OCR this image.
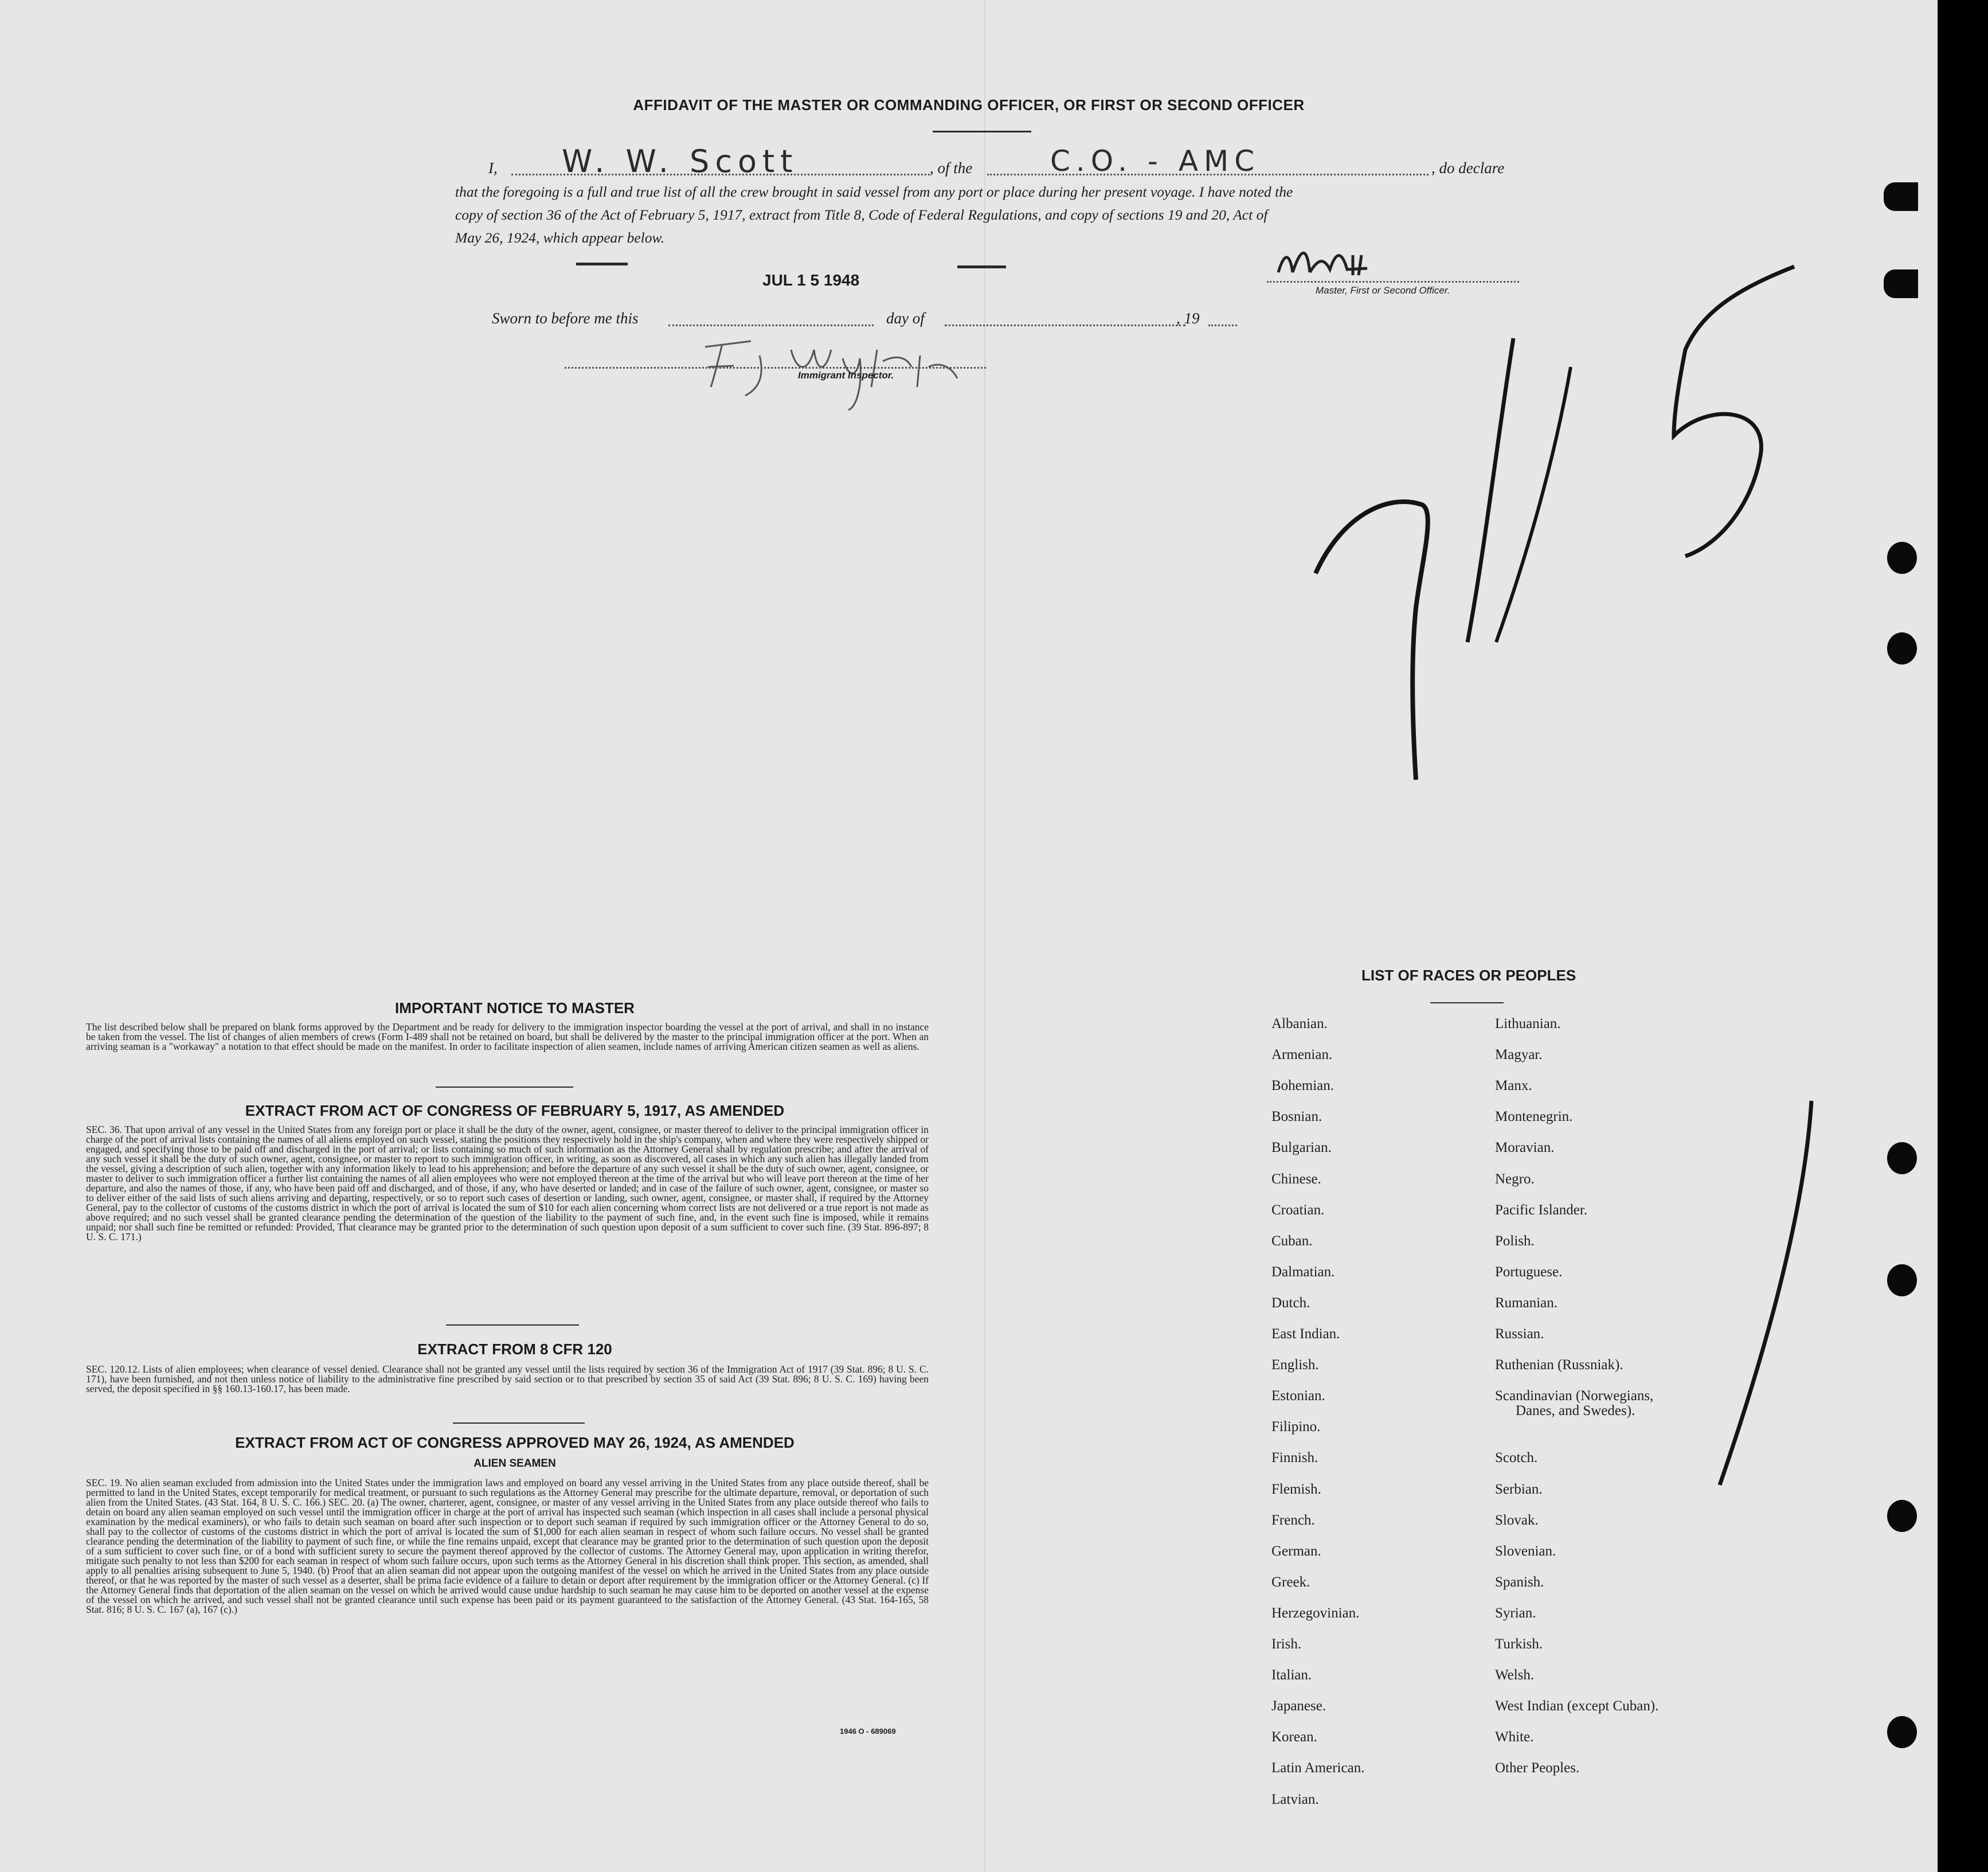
AFFIDAVIT OF THE MASTER OR COMMANDING OFFICER, OR FIRST OR SECOND OFFICER
I, W. W. Scott	, of the	C.O. - AMC	, do declare
that the foregoing is a full and true list of all the crew brought in said vessel from any port or place during her present voyage. I have noted the
copy of section 36 of the Act of February 5, 1917, extract from Title 8, Code of Federal Regulations, and copy of sections 19 and 20, Act of
May 26, 1924, which appear below.
JUL 1 5 1948
Master, First or Second Officer.
Sworn to before me this	day of	, 19
Immigrant Inspector.
IMPORTANT NOTICE TO MASTER

The list described below shall be prepared on blank forms approved by the Department and be ready for delivery to the immigration inspector boarding the vessel at the port of arrival, and shall in no instance be taken from the vessel. The list of changes of alien members of crews (Form I-489 shall not be retained on board, but shall be delivered by the master to the principal immigration officer at the port. When an arriving seaman is a "workaway" a notation to that effect should be made on the manifest. In order to facilitate inspection of alien seamen, include names of arriving American citizen seamen as well as aliens.

EXTRACT FROM ACT OF CONGRESS OF FEBRUARY 5, 1917, AS AMENDED

SEC. 36. That upon arrival of any vessel in the United States from any foreign port or place it shall be the duty of the owner, agent, consignee, or master thereof to deliver to the principal immigration officer in charge of the port of arrival lists containing the names of all aliens employed on such vessel, stating the positions they respectively hold in the ship's company, when and where they were respectively shipped or engaged, and specifying those to be paid off and discharged in the port of arrival; or lists containing so much of such information as the Attorney General shall by regulation prescribe; and after the arrival of any such vessel it shall be the duty of such owner, agent, consignee, or master to report to such immigration officer, in writing, as soon as discovered, all cases in which any such alien has illegally landed from the vessel, giving a description of such alien, together with any information likely to lead to his apprehension; and before the departure of any such vessel it shall be the duty of such owner, agent, consignee, or master to deliver to such immigration officer a further list containing the names of all alien employees who were not employed thereon at the time of the arrival but who will leave port thereon at the time of her departure, and also the names of those, if any, who have been paid off and discharged, and of those, if any, who have deserted or landed; and in case of the failure of such owner, agent, consignee, or master so to deliver either of the said lists of such aliens arriving and departing, respectively, or so to report such cases of desertion or landing, such owner, agent, consignee, or master shall, if required by the Attorney General, pay to the collector of customs of the customs district in which the port of arrival is located the sum of $10 for each alien concerning whom correct lists are not delivered or a true report is not made as above required; and no such vessel shall be granted clearance pending the determination of the question of the liability to the payment of such fine, and, in the event such fine is imposed, while it remains unpaid; nor shall such fine be remitted or refunded: Provided, That clearance may be granted prior to the determination of such question upon deposit of a sum sufficient to cover such fine. (39 Stat. 896-897; 8 U. S. C. 171.)

EXTRACT FROM 8 CFR 120

SEC. 120.12. Lists of alien employees; when clearance of vessel denied. Clearance shall not be granted any vessel until the lists required by section 36 of the Immigration Act of 1917 (39 Stat. 896; 8 U. S. C. 171), have been furnished, and not then unless notice of liability to the administrative fine prescribed by said section or to that prescribed by section 35 of said Act (39 Stat. 896; 8 U. S. C. 169) having been served, the deposit specified in §§ 160.13-160.17, has been made.

EXTRACT FROM ACT OF CONGRESS APPROVED MAY 26, 1924, AS AMENDED
ALIEN SEAMEN

SEC. 19. No alien seaman excluded from admission into the United States under the immigration laws and employed on board any vessel arriving in the United States from any place outside thereof, shall be permitted to land in the United States, except temporarily for medical treatment, or pursuant to such regulations as the Attorney General may prescribe for the ultimate departure, removal, or deportation of such alien from the United States. (43 Stat. 164, 8 U. S. C. 166.) SEC. 20. (a) The owner, charterer, agent, consignee, or master of any vessel arriving in the United States from any place outside thereof who fails to detain on board any alien seaman employed on such vessel until the immigration officer in charge at the port of arrival has inspected such seaman (which inspection in all cases shall include a personal physical examination by the medical examiners), or who fails to detain such seaman on board after such inspection or to deport such seaman if required by such immigration officer or the Attorney General to do so, shall pay to the collector of customs of the customs district in which the port of arrival is located the sum of $1,000 for each alien seaman in respect of whom such failure occurs. No vessel shall be granted clearance pending the determination of the liability to payment of such fine, or while the fine remains unpaid, except that clearance may be granted prior to the determination of such question upon the deposit of a sum sufficient to cover such fine, or of a bond with sufficient surety to secure the payment thereof approved by the collector of customs. The Attorney General may, upon application in writing therefor, mitigate such penalty to not less than $200 for each seaman in respect of whom such failure occurs, upon such terms as the Attorney General in his discretion shall think proper. This section, as amended, shall apply to all penalties arising subsequent to June 5, 1940. (b) Proof that an alien seaman did not appear upon the outgoing manifest of the vessel on which he arrived in the United States from any place outside thereof, or that he was reported by the master of such vessel as a deserter, shall be prima facie evidence of a failure to detain or deport after requirement by the immigration officer or the Attorney General. (c) If the Attorney General finds that deportation of the alien seaman on the vessel on which he arrived would cause undue hardship to such seaman he may cause him to be deported on another vessel at the expense of the vessel on which he arrived, and such vessel shall not be granted clearance until such expense has been paid or its payment guaranteed to the satisfaction of the Attorney General. (43 Stat. 164-165, 58 Stat. 816; 8 U. S. C. 167 (a), 167 (c).)

1946 O - 689069
LIST OF RACES OR PEOPLES
Albanian.
Armenian.
Bohemian.
Bosnian.
Bulgarian.
Chinese.
Croatian.
Cuban.
Dalmatian.
Dutch.
East Indian.
English.
Estonian.
Filipino.
Finnish.
Flemish.
French.
German.
Greek.
Herzegovinian.
Irish.
Italian.
Japanese.
Korean.
Latin American.
Latvian.
Lithuanian.
Magyar.
Manx.
Montenegrin.
Moravian.
Negro.
Pacific Islander.
Polish.
Portuguese.
Rumanian.
Russian.
Ruthenian (Russniak).
Scandinavian (Norwegians,
Danes, and Swedes).
Scotch.
Serbian.
Slovak.
Slovenian.
Spanish.
Syrian.
Turkish.
Welsh.
West Indian (except Cuban).
White.
Other Peoples.
